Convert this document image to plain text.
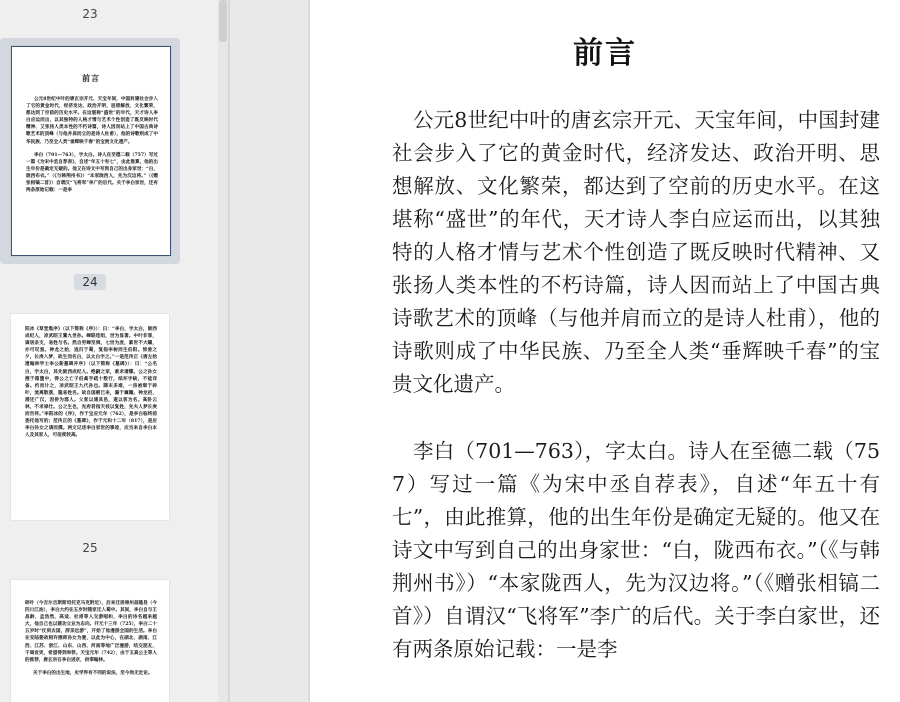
23
前言

公元8世纪中叶的唐玄宗开元、天宝年间，中国封建社会步入了它的黄金时代，经济发达、政治开明、思想解放、文化繁荣，都达到了空前的历史水平。在这堪称“盛世”的年代，天才诗人李白应运而出，以其独特的人格才情与艺术个性创造了既反映时代精神、又张扬人类本性的不朽诗篇，诗人因而站上了中国古典诗歌艺术的顶峰（与他并肩而立的是诗人杜甫），他的诗歌则成了中华民族、乃至全人类“垂辉映千春”的宝贵文化遗产。

李白（701—763），字太白。诗人在至德二载（757）写过一篇《为宋中丞自荐表》，自述“年五十有七”，由此推算，他的出生年份是确定无疑的。他又在诗文中写到自己的出身家世：“白，陇西布衣。”（《与韩荆州书》）“本家陇西人，先为汉边将。”（《赠张相镐二首》）自谓汉“飞将军”李广的后代。关于李白家世，还有两条原始记载：一是李

24

阳冰《草堂集序》（以下简称《序》）：曰：“李白，字太白，陇西成纪人，凉武昭王暠九世孙。蝉联珪组，世为显著。中叶非罪，谪居条支，易姓与名。然自穷蝉至舜，七世为庶，累世不大曜，亦可叹焉。神龙之始，逃归于蜀，复指李树而生伯阳。惊姜之夕，长庚入梦，故生而名白，以太白字之。”一是范传正《唐左拾遗翰林学士李公新墓碑并序》（以下简称《墓碑》）：曰：“公名白，字太白，其先陇西成纪人。绝嗣之家，难求谱牒。公之孙女搜于箱箧中，得公之亡子伯禽手疏十数行，纸坏字缺，不能详备。约而计之，凉武昭王九代孙也。隋末多难，一房被窜于碎叶，流离散落，隐易姓名。故自国朝已来，漏于属籍。神龙初，潜还广汉，因侨为郡人。父客以逋其邑，遂以客为名。高卧云林，不求禄仕。公之生也，先府君指天枝以复姓，先夫人梦长庚而告祥。”李阳冰的《序》，作于宝应元年（762），是李白临终前委托他写的；范传正的《墓碑》，作于元和十二年（817），是应李白孙女之请而撰。两文记述李白家世的事迹，应当来自李白本人及其家人，可信度较高。

25

碎叶（今吉尔吉斯斯坦托克马克附近），后来迁居绵州昌隆县（今四川江油），李白大约在五岁时随家迁入蜀中。其间，李白自与王昌龄、孟浩然、高适、杜甫等人交游唱和，李白的诗名越来越大，他自己也以建功立业为志向。开元十三年（725），李白二十五岁时“仗剑去国，辞亲远游”，开始了他漫游全国的生活。李白在安陆娶故相许圉师孙女为妻，以此为中心，在湖北、湖南、江西、江苏、浙江、山东、山西、河南等地广泛漫游，结交朋友，干谒官吏，希望得到举荐。天宝元年（742），由于玉真公主等人的推荐，唐玄宗召李白进京，供奉翰林。

关于李白的出生地，史学界有不同的说法，至今尚无定论。

前言

公元8世纪中叶的唐玄宗开元、天宝年间，中国封建社会步入了它的黄金时代，经济发达、政治开明、思想解放、文化繁荣，都达到了空前的历史水平。在这堪称“盛世”的年代，天才诗人李白应运而出，以其独特的人格才情与艺术个性创造了既反映时代精神、又张扬人类本性的不朽诗篇，诗人因而站上了中国古典诗歌艺术的顶峰（与他并肩而立的是诗人杜甫），他的诗歌则成了中华民族、乃至全人类“垂辉映千春”的宝贵文化遗产。

李白（701—763），字太白。诗人在至德二载（757）写过一篇《为宋中丞自荐表》，自述“年五十有七”，由此推算，他的出生年份是确定无疑的。他又在诗文中写到自己的出身家世：“白，陇西布衣。”（《与韩荆州书》）“本家陇西人，先为汉边将。”（《赠张相镐二首》）自谓汉“飞将军”李广的后代。关于李白家世，还有两条原始记载：一是李
